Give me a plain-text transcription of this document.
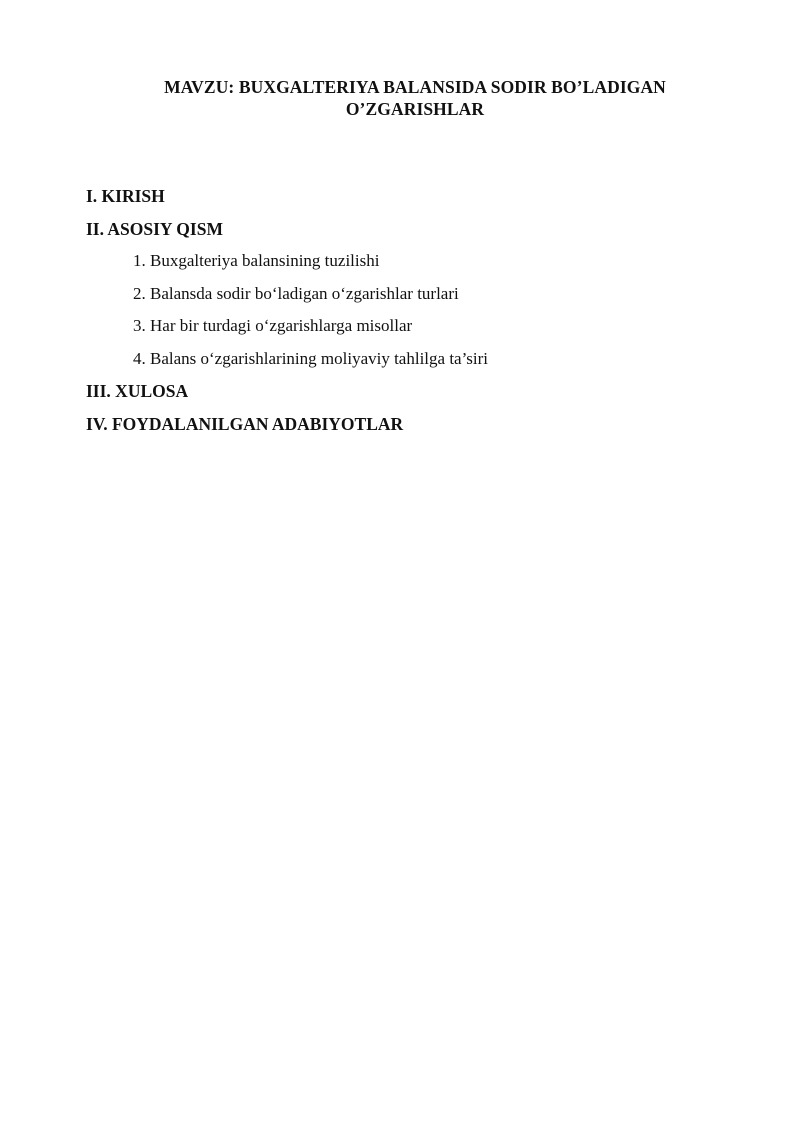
MAVZU: BUXGALTERIYA BALANSIDA SODIR BO’LADIGAN
O’ZGARISHLAR
I. KIRISH
II. ASOSIY QISM
1. Buxgalteriya balansining tuzilishi
2. Balansda sodir bo‘ladigan o‘zgarishlar turlari
3. Har bir turdagi o‘zgarishlarga misollar
4. Balans o‘zgarishlarining moliyaviy tahlilga ta’siri
III. XULOSA
IV. FOYDALANILGAN ADABIYOTLAR
